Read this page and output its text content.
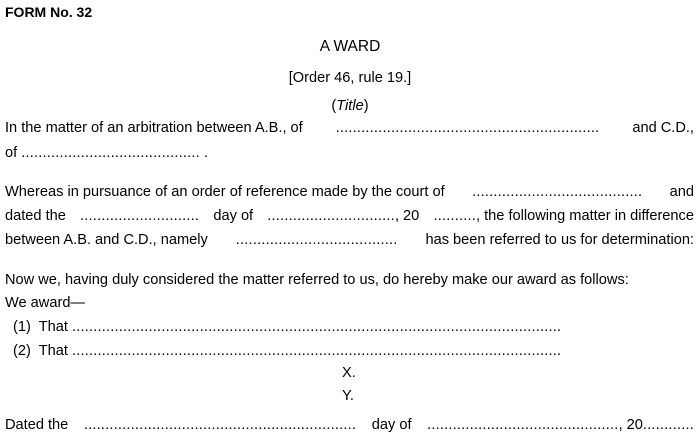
FORM No. 32
A WARD
[Order 46, rule 19.]
(Title)
In the matter of an arbitration between A.B., of .............................................................. and C.D.,
of .......................................... .
Whereas in pursuance of an order of reference made by the court of ........................................ and
dated the ............................ day of .............................., 20 .........., the following matter in difference
between A.B. and C.D., namely ...................................... has been referred to us for determination:
Now we, having duly considered the matter referred to us, do hereby make our award as follows:
We award—
(1) That ...................................................................................................................
(2) That ...................................................................................................................
X.
Y.
Dated the ................................................................ day of ............................................., 20............
